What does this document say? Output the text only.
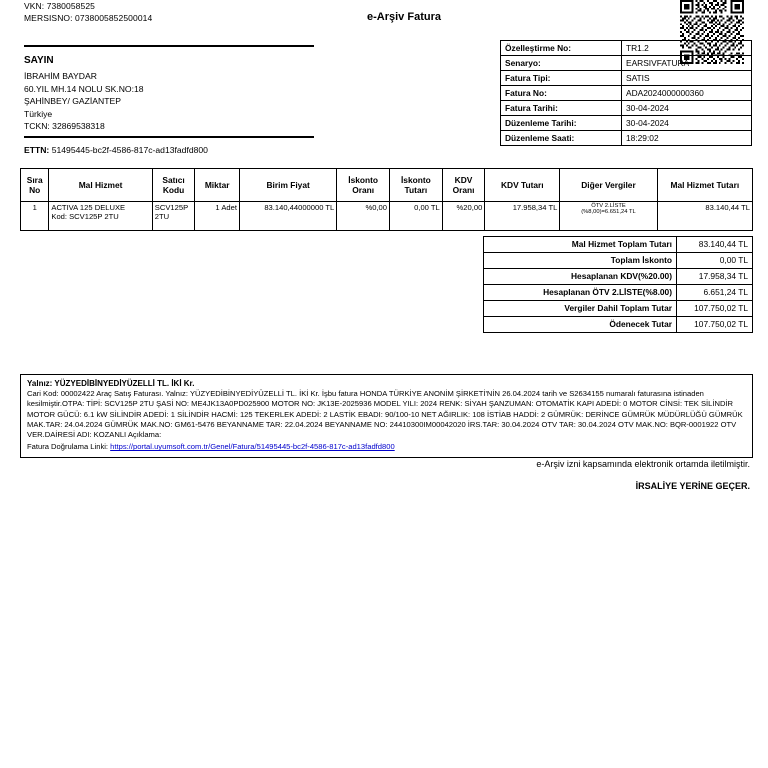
VKN: 7380058525
MERSISNO: 0738005852500014	e-Arşiv Fatura
SAYIN
İBRAHİM BAYDAR
60.YIL MH.14 NOLU SK.NO:18
ŞAHİNBEY/ GAZİANTEP
Türkiye
TCKN: 32869538318
ETTN: 51495445-bc2f-4586-817c-ad13fadfd800
Özelleştirme No:	TR1.2
Senaryo:	EARSIVFATURA
Fatura Tipi:	SATIS
Fatura No:	ADA2024000000360
Fatura Tarihi:	30-04-2024
Düzenleme Tarihi:	30-04-2024
Düzenleme Saati:	18:29:02
Sıra No	Mal Hizmet	Satıcı Kodu	Miktar	Birim Fiyat	İskonto Oranı	İskonto Tutarı	KDV Oranı	KDV Tutarı	Diğer Vergiler	Mal Hizmet Tutarı
1	ACTIVA 125 DELUXE
Kod: SCV125P 2TU
	SCV125P 2TU	1 Adet	83.140,44000000 TL	%0,00	0,00 TL	%20,00	17.958,34 TL	ÖTV 2.LİSTE
(%8,00)=6.651,24 TL	83.140,44 TL
Mal Hizmet Toplam Tutarı	83.140,44 TL
Toplam İskonto	0,00 TL
Hesaplanan KDV(%20.00)	17.958,34 TL
Hesaplanan ÖTV 2.LİSTE(%8.00)	6.651,24 TL
Vergiler Dahil Toplam Tutar	107.750,02 TL
Ödenecek Tutar	107.750,02 TL
Yalnız: YÜZYEDİBİNYEDİYÜZELLİ TL. İKİ Kr.
Cari Kod: 00002422 Araç Satış Faturası. Yalnız: YÜZYEDİBİNYEDİYÜZELLİ TL. İKİ Kr. İşbu fatura HONDA TÜRKİYE ANONİM ŞİRKETİ'NİN 26.04.2024 tarih ve S2634155 numaralı faturasına istinaden kesilmiştir.OTPA: TİPİ: SCV125P 2TU ŞASİ NO: ME4JK13A0PD025900 MOTOR NO: JK13E-2025936 MODEL YILI: 2024 RENK: SİYAH ŞANZUMAN: OTOMATİK KAPI ADEDİ: 0 MOTOR CİNSİ: TEK SİLİNDİR MOTOR GÜCÜ: 6.1 kW SİLİNDİR ADEDİ: 1 SİLİNDİR HACMİ: 125 TEKERLEK ADEDİ: 2 LASTİK EBADI: 90/100-10 NET AĞIRLIK: 108 İSTİAB HADDİ: 2 GÜMRÜK: DERİNCE GÜMRÜK MÜDÜRLÜĞÜ GÜMRÜK MAK.TAR: 24.04.2024 GÜMRÜK MAK.NO: GM61-5476 BEYANNAME TAR: 22.04.2024 BEYANNAME NO: 24410300IM00042020 İRS.TAR: 30.04.2024 OTV TAR: 30.04.2024 OTV MAK.NO: BQR-0001922 OTV VER.DAİRESİ ADI: KOZANLI Açıklama:
Fatura Doğrulama Linki: https://portal.uyumsoft.com.tr/Genel/Fatura/51495445-bc2f-4586-817c-ad13fadfd800
e-Arşiv izni kapsamında elektronik ortamda iletilmiştir.
İRSALİYE YERİNE GEÇER.
